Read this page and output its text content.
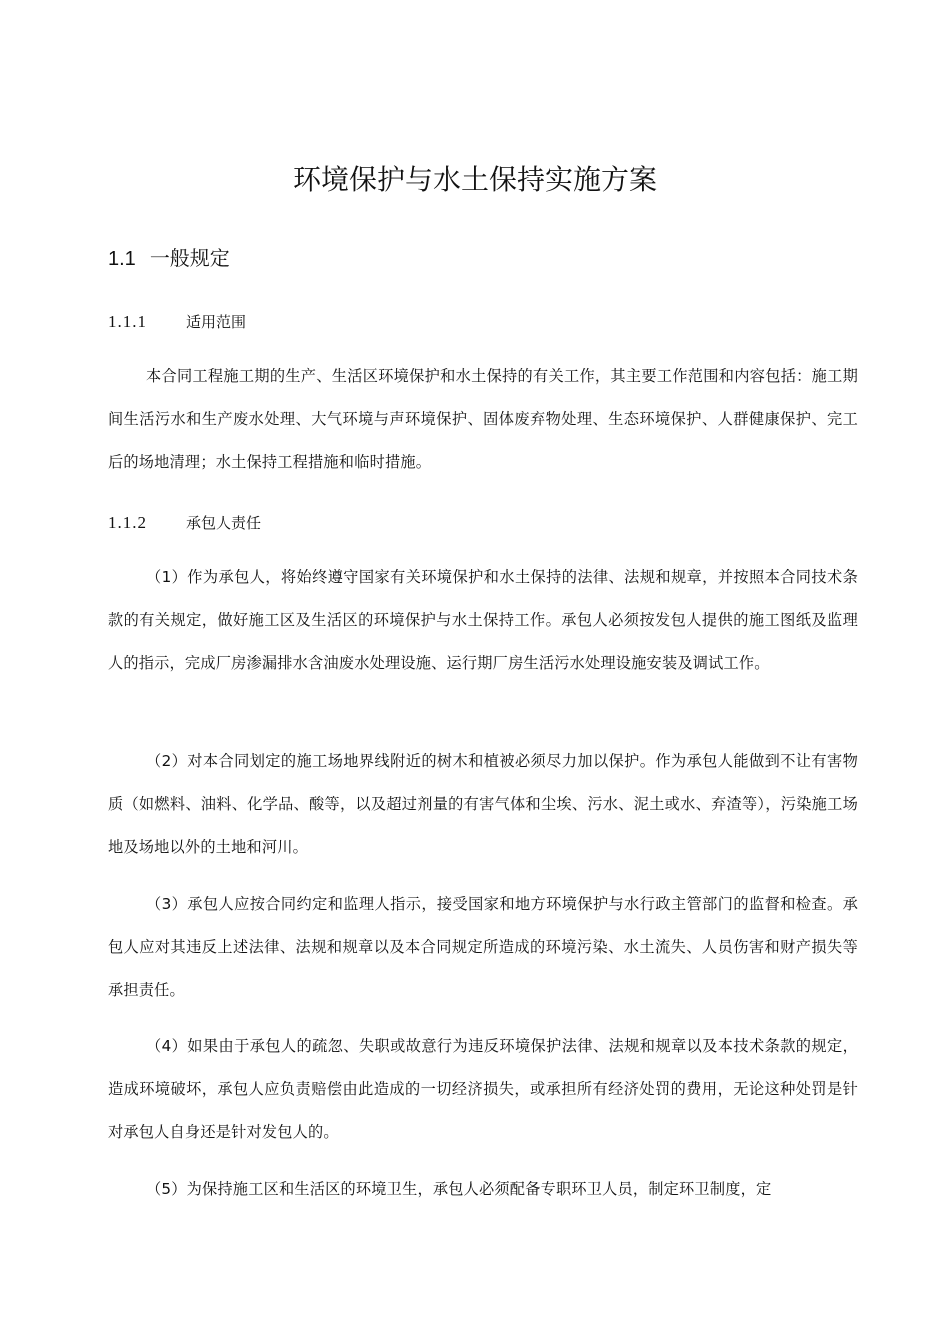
环境保护与水土保持实施方案
1.1 一般规定
1.1.1	适用范围

本合同工程施工期的生产、生活区环境保护和水土保持的有关工作，其主要工作范围和内容包括：施工期间生活污水和生产废水处理、大气环境与声环境保护、固体废弃物处理、生态环境保护、人群健康保护、完工后的场地清理；水土保持工程措施和临时措施。

1.1.2	承包人责任

（1）作为承包人，将始终遵守国家有关环境保护和水土保持的法律、法规和规章，并按照本合同技术条款的有关规定，做好施工区及生活区的环境保护与水土保持工作。承包人必须按发包人提供的施工图纸及监理人的指示，完成厂房渗漏排水含油废水处理设施、运行期厂房生活污水处理设施安装及调试工作。

（2）对本合同划定的施工场地界线附近的树木和植被必须尽力加以保护。作为承包人能做到不让有害物质（如燃料、油料、化学品、酸等，以及超过剂量的有害气体和尘埃、污水、泥土或水、弃渣等），污染施工场地及场地以外的土地和河川。

（3）承包人应按合同约定和监理人指示，接受国家和地方环境保护与水行政主管部门的监督和检查。承包人应对其违反上述法律、法规和规章以及本合同规定所造成的环境污染、水土流失、人员伤害和财产损失等承担责任。

（4）如果由于承包人的疏忽、失职或故意行为违反环境保护法律、法规和规章以及本技术条款的规定，造成环境破坏，承包人应负责赔偿由此造成的一切经济损失，或承担所有经济处罚的费用，无论这种处罚是针对承包人自身还是针对发包人的。

（5）为保持施工区和生活区的环境卫生，承包人必须配备专职环卫人员，制定环卫制度，定
